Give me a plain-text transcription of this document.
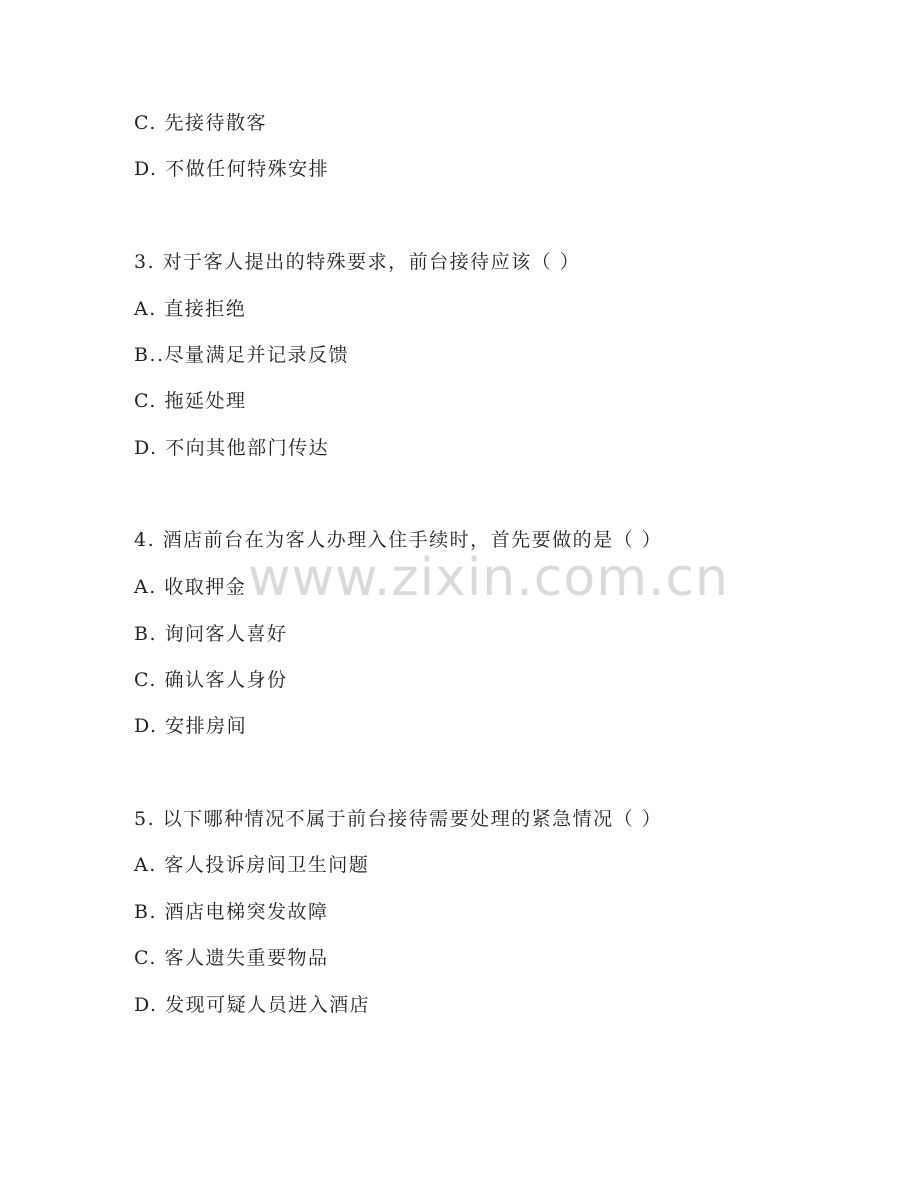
www.zixin.com.cn
C. 先接待散客
D. 不做任何特殊安排
3. 对于客人提出的特殊要求，前台接待应该（ ）
A. 直接拒绝
B..尽量满足并记录反馈
C. 拖延处理
D. 不向其他部门传达
4. 酒店前台在为客人办理入住手续时，首先要做的是（ ）
A. 收取押金
B. 询问客人喜好
C. 确认客人身份
D. 安排房间
5. 以下哪种情况不属于前台接待需要处理的紧急情况（ ）
A. 客人投诉房间卫生问题
B. 酒店电梯突发故障
C. 客人遗失重要物品
D. 发现可疑人员进入酒店
